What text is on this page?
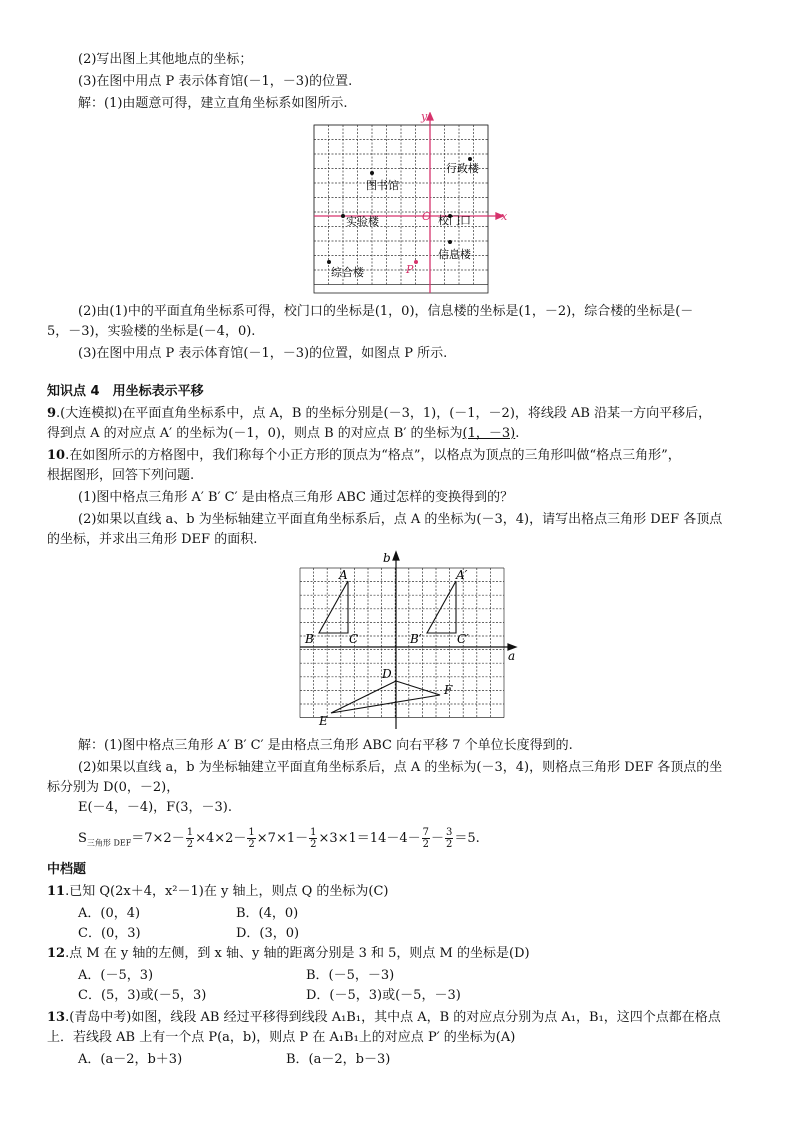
(2)写出图上其他地点的坐标；
(3)在图中用点 P 表示体育馆(－1，－3)的位置.
解：(1)由题意可得，建立直角坐标系如图所示.
x
y
O
行政楼
图书馆
实验楼	校门口
信息楼
综合楼	P
(2)由(1)中的平面直角坐标系可得，校门口的坐标是(1，0)，信息楼的坐标是(1，－2)，综合楼的坐标是(－
5，－3)，实验楼的坐标是(－4，0).
(3)在图中用点 P 表示体育馆(－1，－3)的位置，如图点 P 所示.
知识点 4　用坐标表示平移
9.(大连模拟)在平面直角坐标系中，点 A，B 的坐标分别是(－3，1)，(－1，－2)，将线段 AB 沿某一方向平移后，
得到点 A 的对应点 A′ 的坐标为(－1，0)，则点 B 的对应点 B′ 的坐标为(1，－3).
10.在如图所示的方格图中，我们称每个小正方形的顶点为“格点”，以格点为顶点的三角形叫做“格点三角形”，
根据图形，回答下列问题.
(1)图中格点三角形 A′ B′ C′ 是由格点三角形 ABC 通过怎样的变换得到的？
(2)如果以直线 a、b 为坐标轴建立平面直角坐标系后，点 A 的坐标为(－3，4)，请写出格点三角形 DEF 各顶点
的坐标，并求出三角形 DEF 的面积.
A
B	C
A′
B′	C′
D
E
F
a
b
解：(1)图中格点三角形 A′ B′ C′ 是由格点三角形 ABC 向右平移 7 个单位长度得到的.
(2)如果以直线 a，b 为坐标轴建立平面直角坐标系后，点 A 的坐标为(－3，4)，则格点三角形 DEF 各顶点的坐
标分别为 D(0，－2)，
E(－4，－4)，F(3，－3).
$S_{三角形 DEF}=7\times 2- \frac{1}{2} \times 4\times 2- \frac{1}{2} \times 7\times 1- \frac{1}{2} \times 3\times 1=14-4- \frac{7}{2} - \frac{3}{2} =5$.
中档题
11.已知 Q(2x＋4，x²－1)在 y 轴上，则点 Q 的坐标为(C)
A．(0，4)	B．(4，0)
C．(0，3)	D．(3，0)
12.点 M 在 y 轴的左侧，到 x 轴、y 轴的距离分别是 3 和 5，则点 M 的坐标是(D)
A．(－5，3)	B．(－5，－3)
C．(5，3)或(－5，3)	D．(－5，3)或(－5，－3)
13.(青岛中考)如图，线段 AB 经过平移得到线段 A₁B₁，其中点 A，B 的对应点分别为点 A₁，B₁，这四个点都在格点
上．若线段 AB 上有一个点 P(a，b)，则点 P 在 A₁B₁上的对应点 P′ 的坐标为(A)
A．(a－2，b＋3)	B．(a－2，b－3)
